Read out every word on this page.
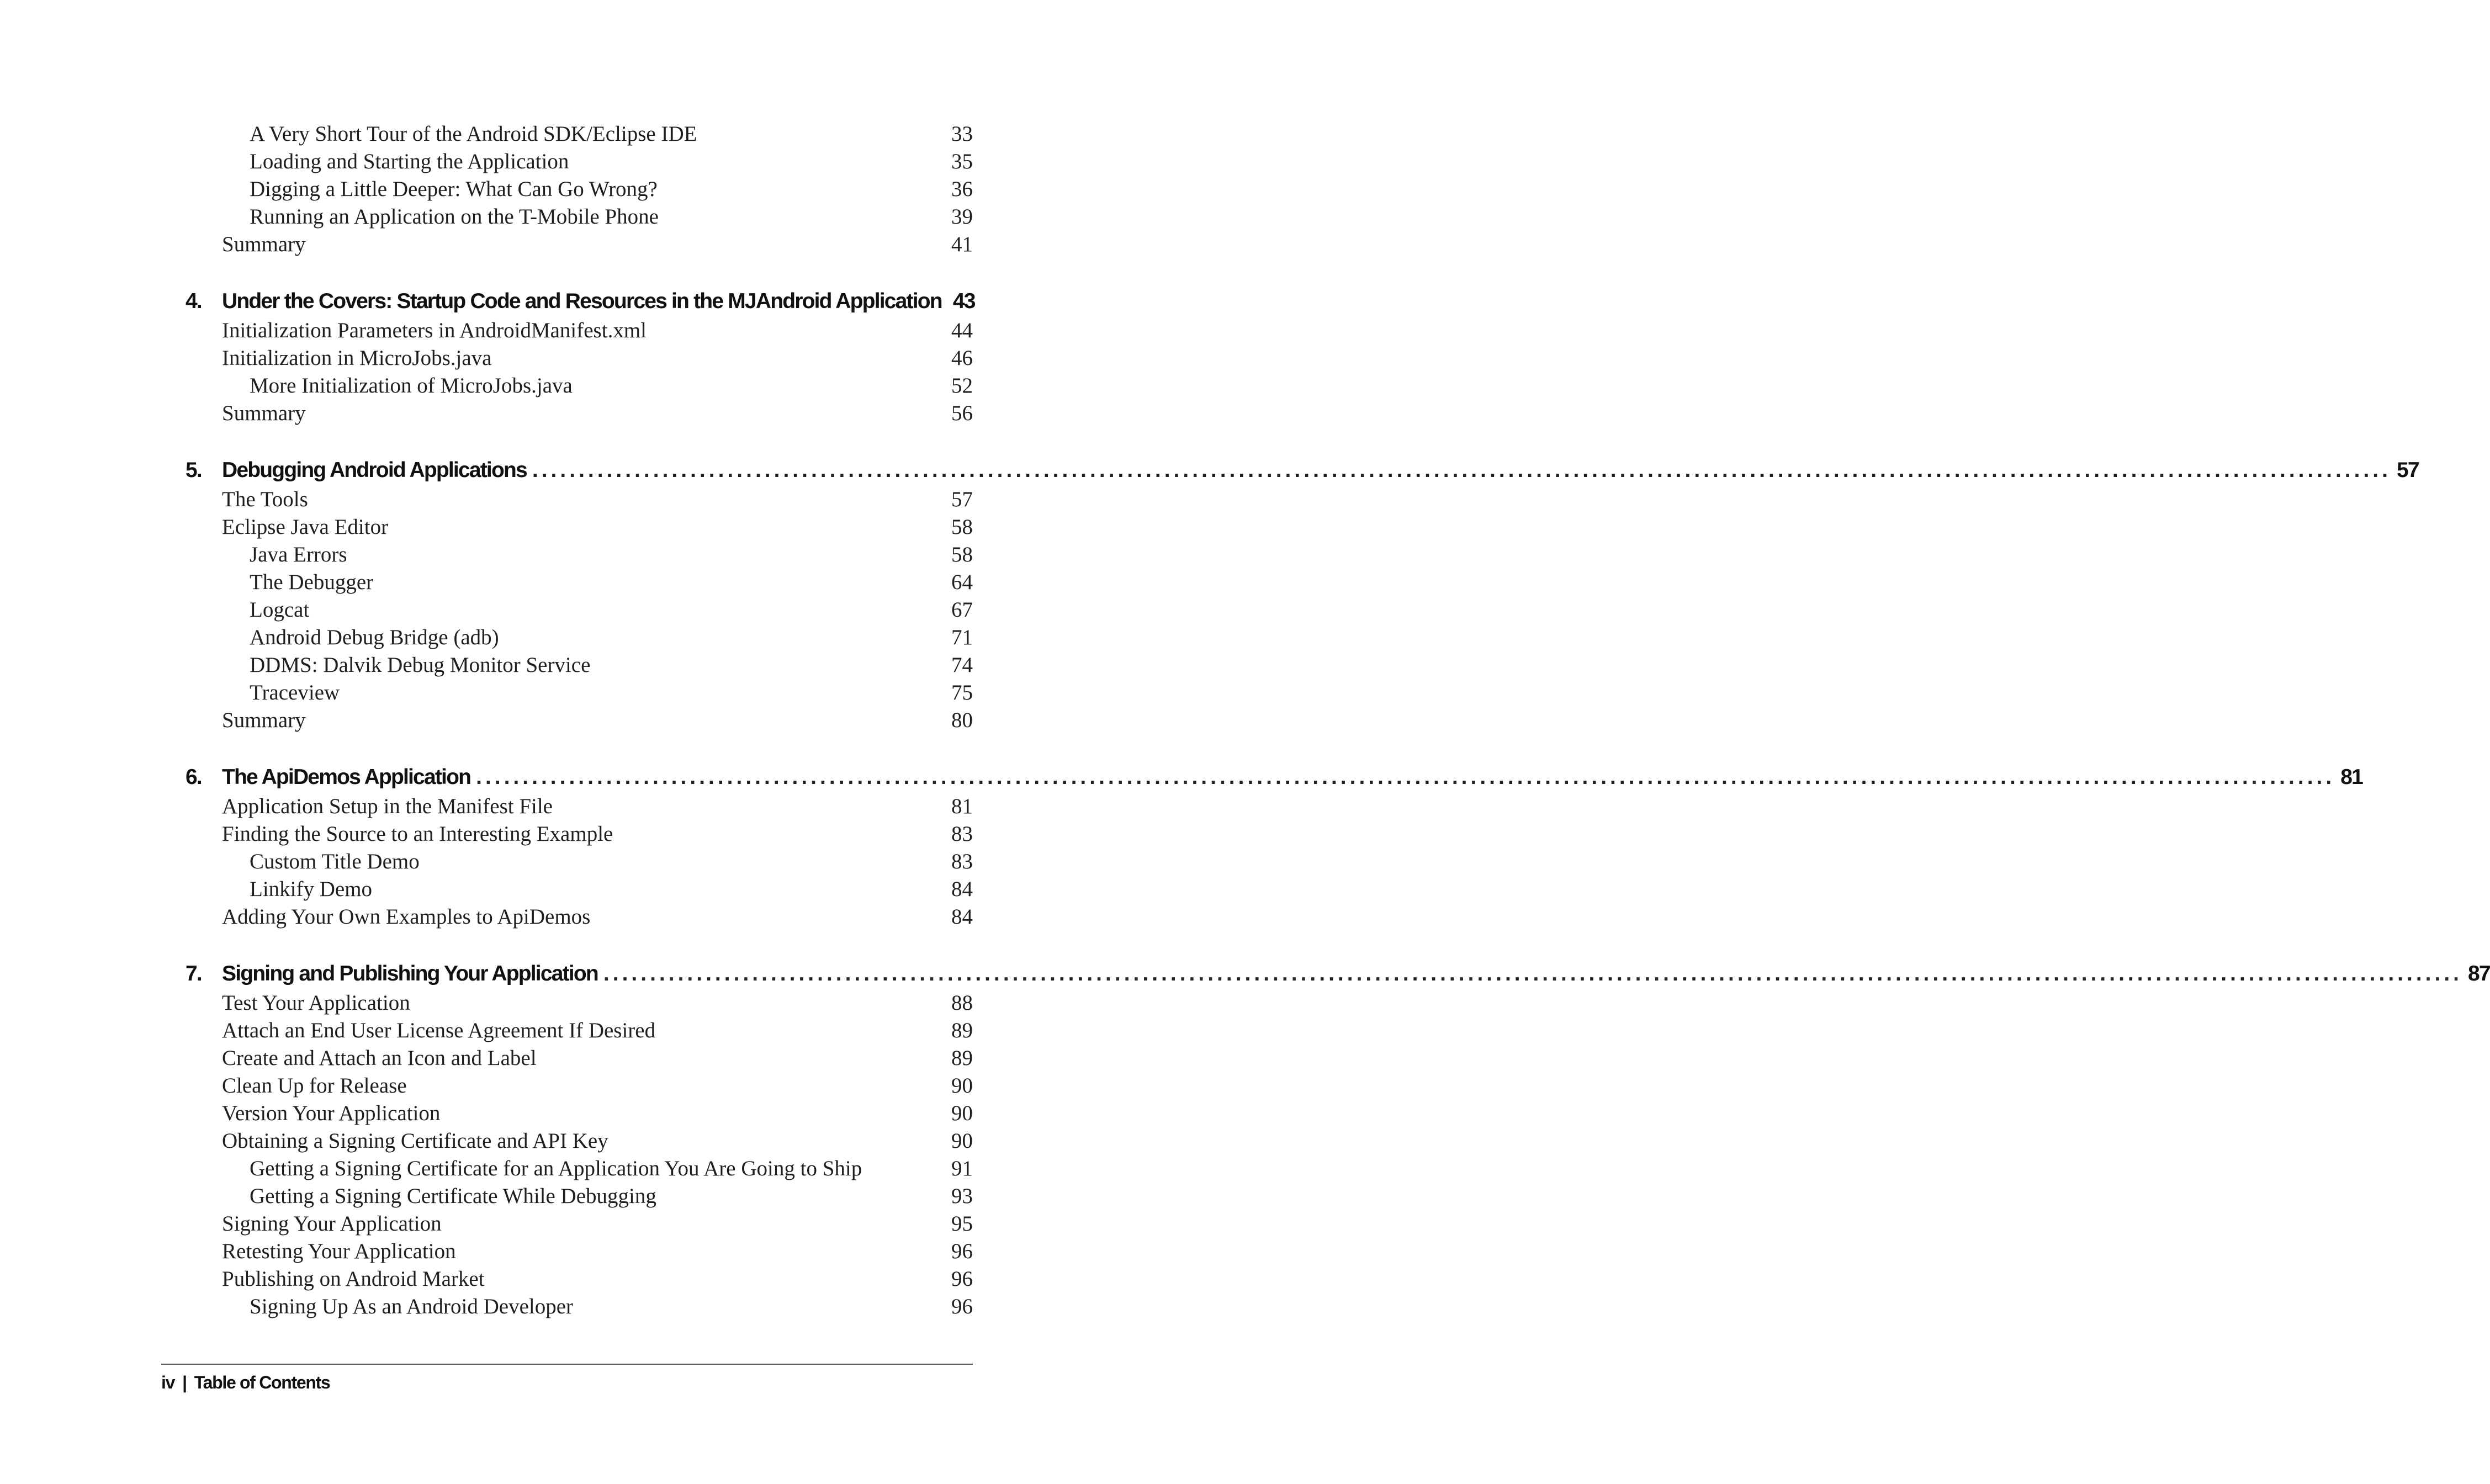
A Very Short Tour of the Android SDK/Eclipse IDE	33
Loading and Starting the Application	35
Digging a Little Deeper: What Can Go Wrong?	36
Running an Application on the T-Mobile Phone	39
Summary	41
4. Under the Covers: Startup Code and Resources in the MJAndroid Application 43
Initialization Parameters in AndroidManifest.xml	44
Initialization in MicroJobs.java	46
More Initialization of MicroJobs.java	52
Summary	56
5. Debugging Android Applications ........................................................................................................................................................................................................ 57
The Tools	57
Eclipse Java Editor	58
Java Errors	58
The Debugger	64
Logcat	67
Android Debug Bridge (adb)	71
DDMS: Dalvik Debug Monitor Service	74
Traceview	75
Summary	80
6. The ApiDemos Application ........................................................................................................................................................................................................ 81
Application Setup in the Manifest File	81
Finding the Source to an Interesting Example	83
Custom Title Demo	83
Linkify Demo	84
Adding Your Own Examples to ApiDemos	84
7. Signing and Publishing Your Application ........................................................................................................................................................................................................ 87
Test Your Application	88
Attach an End User License Agreement If Desired	89
Create and Attach an Icon and Label	89
Clean Up for Release	90
Version Your Application	90
Obtaining a Signing Certificate and API Key	90
Getting a Signing Certificate for an Application You Are Going to Ship	91
Getting a Signing Certificate While Debugging	93
Signing Your Application	95
Retesting Your Application	96
Publishing on Android Market	96
Signing Up As an Android Developer	96
iv | Table of Contents
